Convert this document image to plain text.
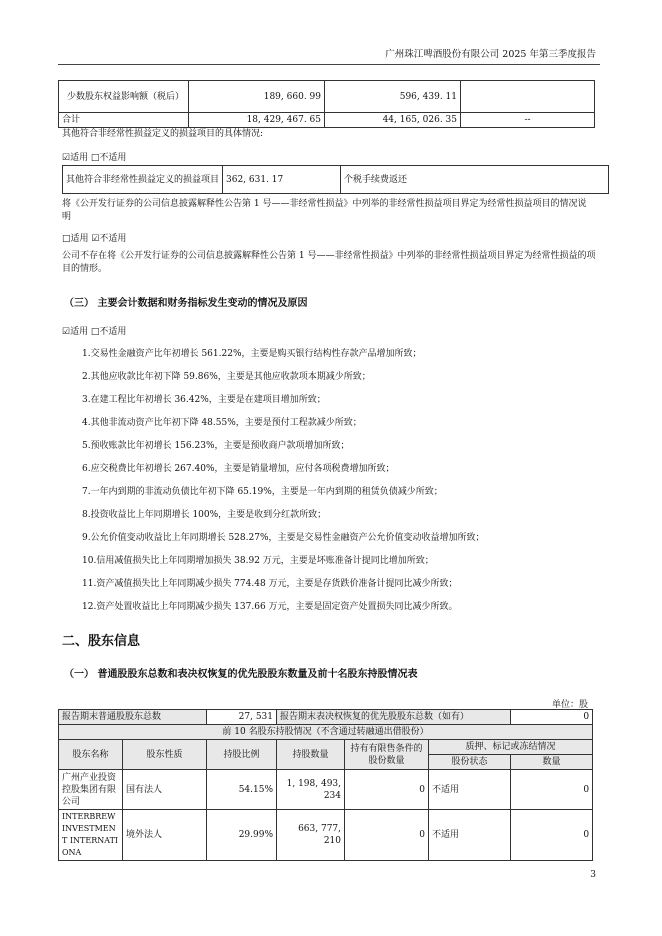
广州珠江啤酒股份有限公司 2025 年第三季度报告
少数股东权益影响额（税后）	189, 660. 99	596, 439. 11	
合计	18, 429, 467. 65	44, 165, 026. 35	--
其他符合非经常性损益定义的损益项目的具体情况:
☑适用 □不适用
其他符合非经常性损益定义的损益项目	362, 631. 17	个税手续费返还
将《公开发行证券的公司信息披露解释性公告第 1 号——非经常性损益》中列举的非经常性损益项目界定为经常性损益项目的情况说明
□适用 ☑不适用
公司不存在将《公开发行证券的公司信息披露解释性公告第 1 号——非经常性损益》中列举的非经常性损益项目界定为经常性损益的项目的情形。
（三） 主要会计数据和财务指标发生变动的情况及原因
☑适用 □不适用
1.交易性金融资产比年初增长 561.22%，主要是购买银行结构性存款产品增加所致；
2.其他应收款比年初下降 59.86%，主要是其他应收款项本期减少所致；
3.在建工程比年初增长 36.42%，主要是在建项目增加所致；
4.其他非流动资产比年初下降 48.55%，主要是预付工程款减少所致；
5.预收账款比年初增长 156.23%，主要是预收商户款项增加所致；
6.应交税费比年初增长 267.40%，主要是销量增加，应付各项税费增加所致；
7.一年内到期的非流动负债比年初下降 65.19%，主要是一年内到期的租赁负债减少所致；
8.投资收益比上年同期增长 100%，主要是收到分红款所致；
9.公允价值变动收益比上年同期增长 528.27%，主要是交易性金融资产公允价值变动收益增加所致；
10.信用减值损失比上年同期增加损失 38.92 万元，主要是坏账准备计提同比增加所致；
11.资产减值损失比上年同期减少损失 774.48 万元，主要是存货跌价准备计提同比减少所致；
12.资产处置收益比上年同期减少损失 137.66 万元，主要是固定资产处置损失同比减少所致。
二、股东信息
（一） 普通股股东总数和表决权恢复的优先股股东数量及前十名股东持股情况表
单位：股
报告期末普通股股东总数		27, 531	报告期末表决权恢复的优先股股东总数（如有）			0
前 10 名股东持股情况（不含通过转融通出借股份）						
股东名称	股东性质	持股比例	持股数量	持有有限售条件的股份数量	质押、标记或冻结情况	
					股份状态	数量
广州产业投资控股集团有限公司	国有法人	54.15%	1, 198, 493, 234	0	不适用	0
INTERBREW INVESTMENT INTERNATIONA	境外法人	29.99%	663, 777, 210	0	不适用	0
3
